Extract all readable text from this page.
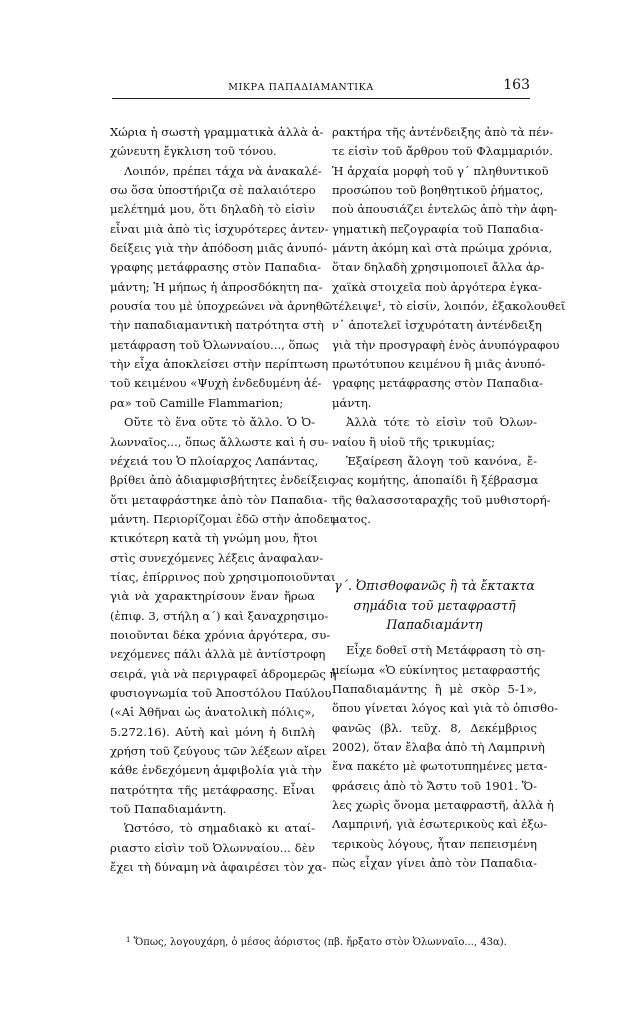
ΜΙΚΡΑ ΠΑΠΑΔΙΑΜΑΝΤΙΚΑ	163
Χώρια ἡ σωστὴ γραμματικὰ ἀλλὰ ἀ-
χώνευτη ἔγκλιση τοῦ τόνου.
Λοιπόν, πρέπει τάχα νὰ ἀνακαλέ-
σω ὅσα ὑποστήριζα σὲ παλαιότερο
μελέτημά μου, ὅτι δηλαδὴ τὸ εἰσὶν
εἶναι μιὰ ἀπὸ τὶς ἰσχυρότερες ἀντεν-
δείξεις γιὰ τὴν ἀπόδοση μιᾶς ἀνυπό-
γραφης μετάφρασης στὸν Παπαδια-
μάντη; Ἡ μήπως ἡ ἀπροσδόκητη πα-
ρουσία του μὲ ὑποχρεώνει νὰ ἀρνηθῶ
τὴν παπαδιαμαντικὴ πατρότητα στὴ
μετάφραση τοῦ Ὀλωνναίου..., ὅπως
τὴν εἶχα ἀποκλείσει στὴν περίπτωση
τοῦ κειμένου «Ψυχὴ ἐνδεδυμένη ἀέ-
ρα» τοῦ Camille Flammarion;
Οὔτε τὸ ἕνα οὔτε τὸ ἄλλο. Ὁ Ὀ-
λωνναῖος..., ὅπως ἄλλωστε καὶ ἡ συ-
νέχειά του Ὁ πλοίαρχος Λαπάντας,
βρίθει ἀπὸ ἀδιαμφισβήτητες ἐνδείξεις
ὅτι μεταφράστηκε ἀπὸ τὸν Παπαδια-
μάντη. Περιορίζομαι ἐδῶ στὴν ἀποδει-
κτικότερη κατὰ τὴ γνώμη μου, ἤτοι
στὶς συνεχόμενες λέξεις ἀναφαλαν-
τίας, ἐπίρρινος ποὺ χρησιμοποιοῦνται
γιὰ νὰ χαρακτηρίσουν ἕναν ἥρωα
(ἐπιφ. 3, στήλη α΄) καὶ ξαναχρησιμο-
ποιοῦνται δέκα χρόνια ἀργότερα, συ-
νεχόμενες πάλι ἀλλὰ μὲ ἀντίστροφη
σειρά, γιὰ νὰ περιγραφεῖ ἀδρομερῶς ἡ
φυσιογνωμία τοῦ Ἀποστόλου Παύλου
(«Αἱ Ἀθῆναι ὡς ἀνατολικὴ πόλις»,
5.272.16). Αὐτὴ καὶ μόνη ἡ διπλὴ
χρήση τοῦ ζεύγους τῶν λέξεων αἴρει
κάθε ἐνδεχόμενη ἀμφιβολία γιὰ τὴν
πατρότητα τῆς μετάφρασης. Εἶναι
τοῦ Παπαδιαμάντη.
Ὡστόσο, τὸ σημαδιακὸ κι αταί-
ριαστο εἰσὶν τοῦ Ὀλωνναίου... δὲν
ἔχει τὴ δύναμη νὰ ἀφαιρέσει τὸν χα-
ρακτήρα τῆς ἀντένδειξης ἀπὸ τὰ πέν-
τε εἰσὶν τοῦ ἄρθρου τοῦ Φλαμμαριόν.
Ἡ ἀρχαία μορφὴ τοῦ γ΄ πληθυντικοῦ
προσώπου τοῦ βοηθητικοῦ ῥήματος,
ποὺ ἀπουσιάζει ἐντελῶς ἀπὸ τὴν ἀφη-
γηματικὴ πεζογραφία τοῦ Παπαδια-
μάντη ἀκόμη καὶ στὰ πρώιμα χρόνια,
ὅταν δηλαδὴ χρησιμοποιεῖ ἄλλα ἀρ-
χαϊκὰ στοιχεῖα ποὺ ἀργότερα ἐγκα-
τέλειψε¹, τὸ εἰσίν, λοιπόν, ἐξακολουθεῖ
ν᾿ ἀποτελεῖ ἰσχυρότατη ἀντένδειξη
γιὰ τὴν προσγραφὴ ἑνὸς ἀνυπόγραφου
πρωτότυπου κειμένου ἢ μιᾶς ἀνυπό-
γραφης μετάφρασης στὸν Παπαδια-
μάντη.
Ἀλλὰ τότε τὸ εἰσὶν τοῦ Ὀλων-
ναίου ἢ υἱοῦ τῆς τρικυμίας;
Ἐξαίρεση ἄλογη τοῦ κανόνα, ἔ-
νας κομήτης, ἀποπαίδι ἢ ξέβρασμα
τῆς θαλασσοταραχῆς τοῦ μυθιστορή-
ματος.
γ΄. Ὀπισθοφανῶς ἢ τὰ ἔκτακτα
σημάδια τοῦ μεταφραστῆ
Παπαδιαμάντη
Εἶχε δοθεῖ στὴ Μετάφραση τὸ ση-
μείωμα «Ὁ εὐκίνητος μεταφραστής
Παπαδιαμάντης ἢ μὲ σκὸρ 5-1»,
ὅπου γίνεται λόγος καὶ γιὰ τὸ ὀπισθο-
φανῶς (βλ. τεῦχ. 8, Δεκέμβριος
2002), ὅταν ἔλαβα ἀπὸ τὴ Λαμπρινὴ
ἕνα πακέτο μὲ φωτοτυπημένες μετα-
φράσεις ἀπὸ τὸ Ἄστυ τοῦ 1901. Ὅ-
λες χωρὶς ὄνομα μεταφραστῆ, ἀλλὰ ἡ
Λαμπρινή, γιὰ ἐσωτερικοὺς καὶ ἐξω-
τερικοὺς λόγους, ἦταν πεπεισμένη
πὼς εἶχαν γίνει ἀπὸ τὸν Παπαδια-
$^1$ Ὅπως, λογουχάρη, ὁ μέσος ἀόριστος (πβ. ἤρξατο στὸν Ὀλωνναῖο..., 43α).
